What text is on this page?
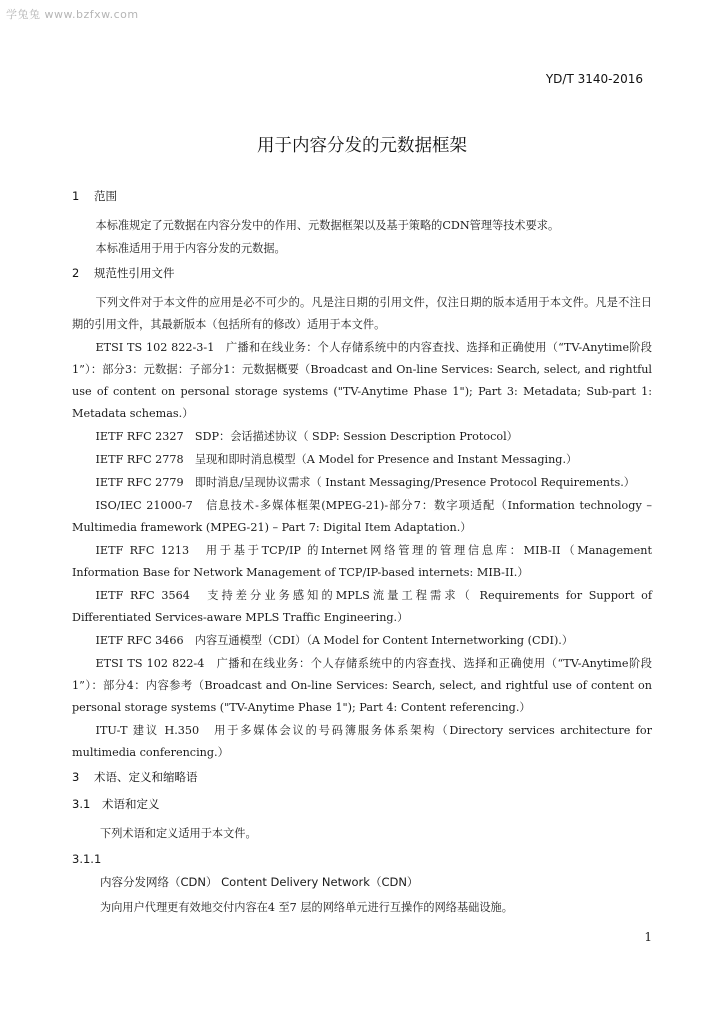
学兔兔 www.bzfxw.com
YD/T 3140-2016
用于内容分发的元数据框架
1 范围

本标准规定了元数据在内容分发中的作用、元数据框架以及基于策略的CDN管理等技术要求。

本标准适用于用于内容分发的元数据。

2 规范性引用文件

下列文件对于本文件的应用是必不可少的。凡是注日期的引用文件，仅注日期的版本适用于本文件。凡是不注日期的引用文件，其最新版本（包括所有的修改）适用于本文件。

ETSI TS 102 822-3-1　广播和在线业务：个人存储系统中的内容查找、选择和正确使用（“TV-Anytime阶段1”）：部分3：元数据：子部分1：元数据概要（Broadcast and On-line Services: Search, select, and rightful use of content on personal storage systems ("TV-Anytime Phase 1"); Part 3: Metadata; Sub-part 1: Metadata schemas.）

IETF RFC 2327　SDP：会话描述协议（ SDP: Session Description Protocol）

IETF RFC 2778　呈现和即时消息模型（A Model for Presence and Instant Messaging.）

IETF RFC 2779　即时消息/呈现协议需求（ Instant Messaging/Presence Protocol Requirements.）

ISO/IEC 21000-7　信息技术-多媒体框架(MPEG-21)-部分7：数字项适配（Information technology – Multimedia framework (MPEG-21) – Part 7: Digital Item Adaptation.）

IETF RFC 1213　用于基于TCP/IP 的Internet网络管理的管理信息库：MIB-II（Management Information Base for Network Management of TCP/IP-based internets: MIB-II.）

IETF RFC 3564　支持差分业务感知的MPLS流量工程需求（ Requirements for Support of Differentiated Services-aware MPLS Traffic Engineering.）

IETF RFC 3466　内容互通模型（CDI）（A Model for Content Internetworking (CDI).）

ETSI TS 102 822-4　广播和在线业务：个人存储系统中的内容查找、选择和正确使用（“TV-Anytime阶段1”）：部分4：内容参考（Broadcast and On-line Services: Search, select, and rightful use of content on personal storage systems ("TV-Anytime Phase 1"); Part 4: Content referencing.）

ITU-T 建议 H.350　用于多媒体会议的号码簿服务体系架构（Directory services architecture for multimedia conferencing.）

3 术语、定义和缩略语
3.1 术语和定义

下列术语和定义适用于本文件。

3.1.1
内容分发网络（CDN） Content Delivery Network（CDN）

为向用户代理更有效地交付内容在4 至7 层的网络单元进行互操作的网络基础设施。

1
